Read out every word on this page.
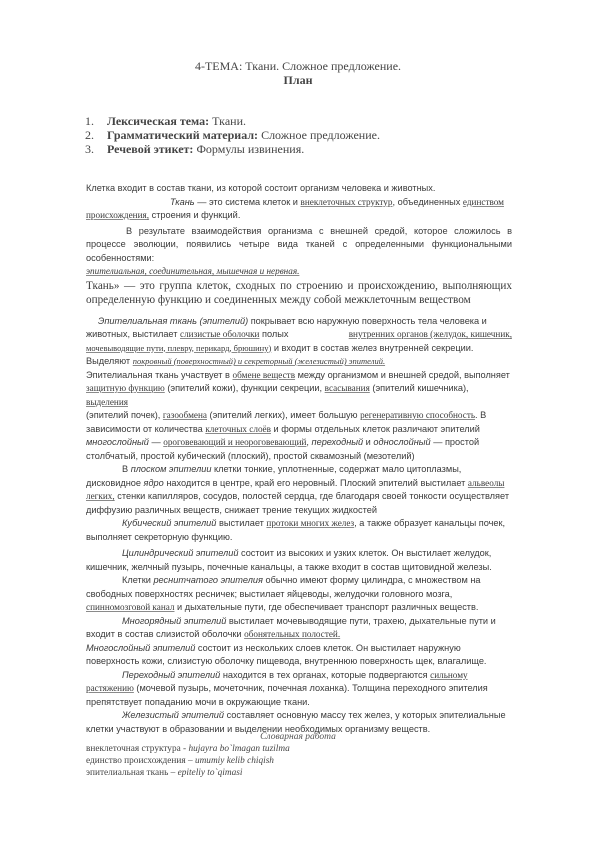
4-ТЕМА: Ткани. Сложное предложение.
План
1. Лексическая тема: Ткани.
2. Грамматический материал: Сложное предложение.
3. Речевой этикет: Формулы извинения.
Клетка входит в состав ткани, из которой состоит организм человека и животных.
Ткань — это система клеток и внеклеточных структур, объединенных единством
происхождения, строения и функций.
В результате взаимодействия организма с внешней средой, которое сложилось в процессе эволюции, появились четыре вида тканей с определенными функциональными особенностями:
эпителиальная, соединительная, мышечная и нервная.
Ткань» — это группа клеток, сходных по строению и происхождению, выполняющих определенную функцию и соединенных между собой межклеточным веществом
Эпителиальная ткань (эпителий) покрывает всю наружную поверхность тела человека и
животных, выстилает слизистые оболочки полых	внутренних органов (желудок, кишечник,
мочевыводящие пути, плевру, перикард, брюшину) и входит в состав желез внутренней секреции.
Выделяют покровный (поверхностный) и секреторный (железистый) эпителий.
Эпителиальная ткань участвует в обмене веществ между организмом и внешней средой, выполняет
защитную функцию (эпителий кожи), функции секреции, всасывания (эпителий кишечника), выделения
(эпителий почек), газообмена (эпителий легких), имеет большую регенеративную способность. В
зависимости от количества клеточных слоёв и формы отдельных клеток различают эпителий
многослойный — ороговевающий и неороговевающий, переходный и однослойный — простой
столбчатый, простой кубический (плоский), простой сквамозный (мезотелий)
В плоском эпителии клетки тонкие, уплотненные, содержат мало цитоплазмы,
дисковидное ядро находится в центре, край его неровный. Плоский эпителий выстилает альвеолы
легких, стенки капилляров, сосудов, полостей сердца, где благодаря своей тонкости осуществляет
диффузию различных веществ, снижает трение текущих жидкостей
Кубический эпителий выстилает протоки многих желез, а также образует канальцы почек,
выполняет секреторную функцию.
Цилиндрический эпителий состоит из высоких и узких клеток. Он выстилает желудок,
кишечник, желчный пузырь, почечные канальцы, а также входит в состав щитовидной железы.
Клетки реснитчатого эпителия обычно имеют форму цилиндра, с множеством на
свободных поверхностях ресничек; выстилает яйцеводы, желудочки головного мозга,
спинномозговой канал и дыхательные пути, где обеспечивает транспорт различных веществ.
Многорядный эпителий выстилает мочевыводящие пути, трахею, дыхательные пути и
входит в состав слизистой оболочки обонятельных полостей.
Многослойный эпителий состоит из нескольких слоев клеток. Он выстилает наружную
поверхность кожи, слизистую оболочку пищевода, внутреннюю поверхность щек, влагалище.
Переходный эпителий находится в тех органах, которые подвергаются сильному
растяжению (мочевой пузырь, мочеточник, почечная лоханка). Толщина переходного эпителия
препятствует попаданию мочи в окружающие ткани.
Железистый эпителий составляет основную массу тех желез, у которых эпителиальные
клетки участвуют в образовании и выделении необходимых организму веществ.
Словарная работа
внеклеточная структура - hujayra bo`lmagan tuzilma
единство происхождения – umumiy kelib chiqish
эпителиальная ткань – epiteliy to`qimasi
